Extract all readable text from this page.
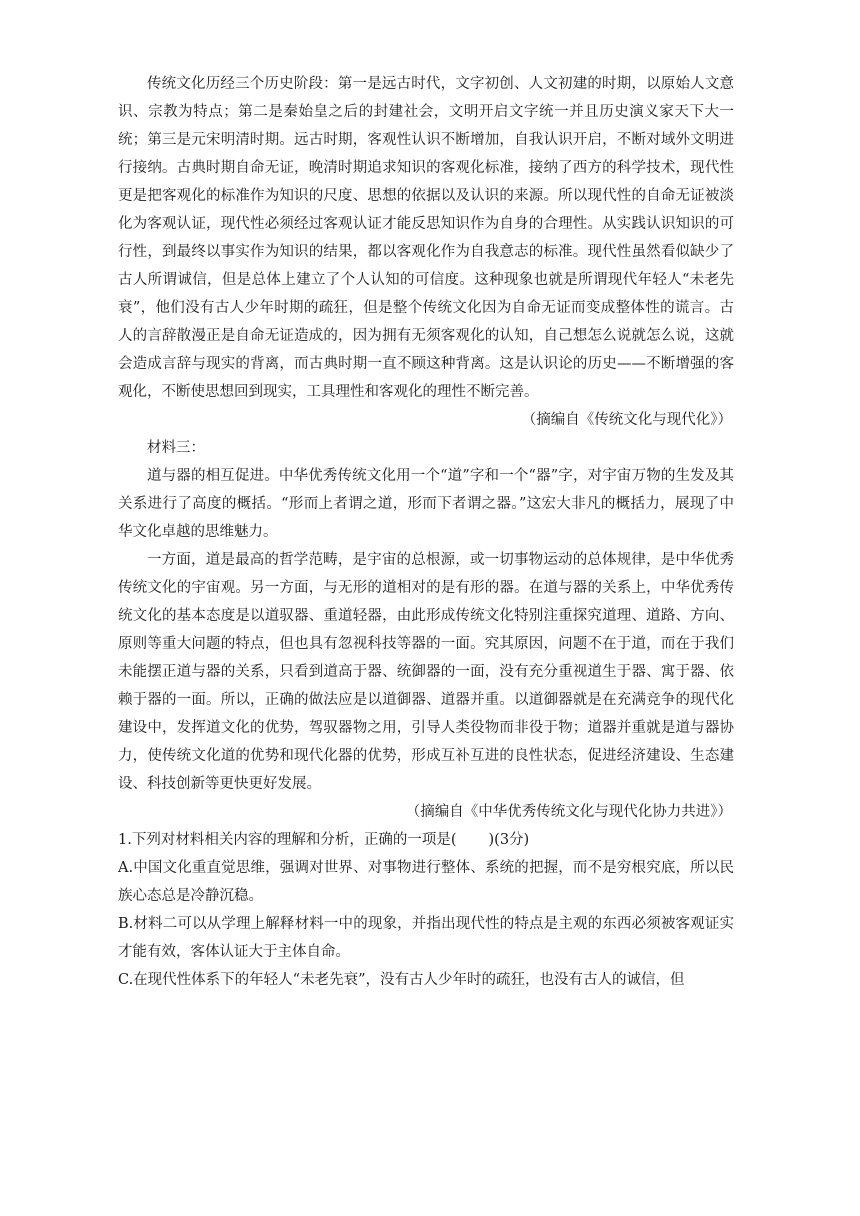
传统文化历经三个历史阶段：第一是远古时代，文字初创、人文初建的时期，以原始人文意识、宗教为特点；第二是秦始皇之后的封建社会，文明开启文字统一并且历史演义家天下大一统；第三是元宋明清时期。远古时期，客观性认识不断增加，自我认识开启，不断对域外文明进行接纳。古典时期自命无证，晚清时期追求知识的客观化标准，接纳了西方的科学技术，现代性更是把客观化的标准作为知识的尺度、思想的依据以及认识的来源。所以现代性的自命无证被淡化为客观认证，现代性必须经过客观认证才能反思知识作为自身的合理性。从实践认识知识的可行性，到最终以事实作为知识的结果，都以客观化作为自我意志的标准。现代性虽然看似缺少了古人所谓诚信，但是总体上建立了个人认知的可信度。这种现象也就是所谓现代年轻人“未老先衰”，他们没有古人少年时期的疏狂，但是整个传统文化因为自命无证而变成整体性的谎言。古人的言辞散漫正是自命无证造成的，因为拥有无须客观化的认知，自己想怎么说就怎么说，这就会造成言辞与现实的背离，而古典时期一直不顾这种背离。这是认识论的历史——不断增强的客观化，不断使思想回到现实，工具理性和客观化的理性不断完善。

（摘编自《传统文化与现代化》）

材料三：

道与器的相互促进。中华优秀传统文化用一个“道”字和一个“器”字，对宇宙万物的生发及其关系进行了高度的概括。“形而上者谓之道，形而下者谓之器。”这宏大非凡的概括力，展现了中华文化卓越的思维魅力。

一方面，道是最高的哲学范畴，是宇宙的总根源，或一切事物运动的总体规律，是中华优秀传统文化的宇宙观。另一方面，与无形的道相对的是有形的器。在道与器的关系上，中华优秀传统文化的基本态度是以道驭器、重道轻器，由此形成传统文化特别注重探究道理、道路、方向、原则等重大问题的特点，但也具有忽视科技等器的一面。究其原因，问题不在于道，而在于我们未能摆正道与器的关系，只看到道高于器、统御器的一面，没有充分重视道生于器、寓于器、依赖于器的一面。所以，正确的做法应是以道御器、道器并重。以道御器就是在充满竞争的现代化建设中，发挥道文化的优势，驾驭器物之用，引导人类役物而非役于物；道器并重就是道与器协力，使传统文化道的优势和现代化器的优势，形成互补互进的良性状态，促进经济建设、生态建设、科技创新等更快更好发展。

（摘编自《中华优秀传统文化与现代化协力共进》）

1.下列对材料相关内容的理解和分析，正确的一项是( )(3分)

A.中国文化重直觉思维，强调对世界、对事物进行整体、系统的把握，而不是穷根究底，所以民族心态总是冷静沉稳。

B.材料二可以从学理上解释材料一中的现象，并指出现代性的特点是主观的东西必须被客观证实才能有效，客体认证大于主体自命。

C.在现代性体系下的年轻人“未老先衰”，没有古人少年时的疏狂，也没有古人的诚信，但
